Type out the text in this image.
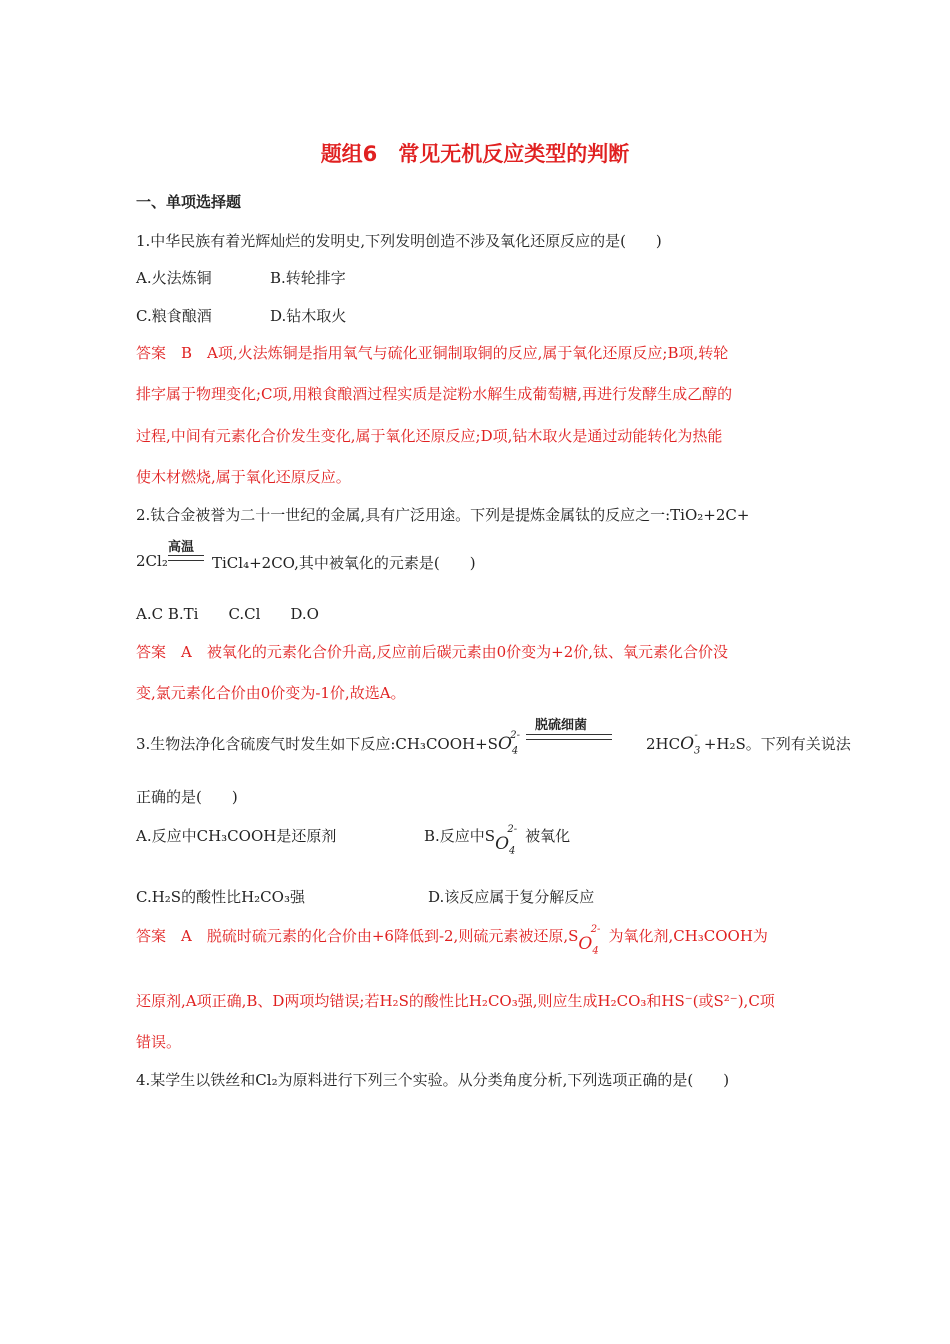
题组6　常见无机反应类型的判断
一、单项选择题
1.中华民族有着光辉灿烂的发明史,下列发明创造不涉及氧化还原反应的是(　　)
A.火法炼铜	B.转轮排字
C.粮食酿酒	D.钻木取火
答案　B　A项,火法炼铜是指用氧气与硫化亚铜制取铜的反应,属于氧化还原反应;B项,转轮
排字属于物理变化;C项,用粮食酿酒过程实质是淀粉水解生成葡萄糖,再进行发酵生成乙醇的
过程,中间有元素化合价发生变化,属于氧化还原反应;D项,钻木取火是通过动能转化为热能
使木材燃烧,属于氧化还原反应。
2.钛合金被誉为二十一世纪的金属,具有广泛用途。下列是提炼金属钛的反应之一:TiO₂+2C+
2Cl₂
高温
TiCl₄+2CO,其中被氧化的元素是(　　)
A.C B.Ti　　C.Cl　　D.O
答案　A　被氧化的元素化合价升高,反应前后碳元素由0价变为+2价,钛、氧元素化合价没
变,氯元素化合价由0价变为-1价,故选A。
3.生物法净化含硫废气时发生如下反应$:CH_3COOH+SO_4^{2-}$
脱硫细菌
$2HCO_3^- +H_2S$。下列有关说法
正确的是(　　)
A.反应中CH₃COOH是还原剂	B.反应中$SO_4^{2-}$ 被氧化
C.H₂S的酸性比H₂CO₃强	D.该反应属于复分解反应
答案　A　脱硫时硫元素的化合价由+6降低到-2,则硫元素被还原$,SO_4^{2-}$ 为氧化剂,CH₃COOH为
还原剂,A项正确,B、D两项均错误;若H₂S的酸性比H₂CO₃强,则应生成H₂CO₃和HS⁻(或S²⁻),C项
错误。
4.某学生以铁丝和Cl₂为原料进行下列三个实验。从分类角度分析,下列选项正确的是(　　)
